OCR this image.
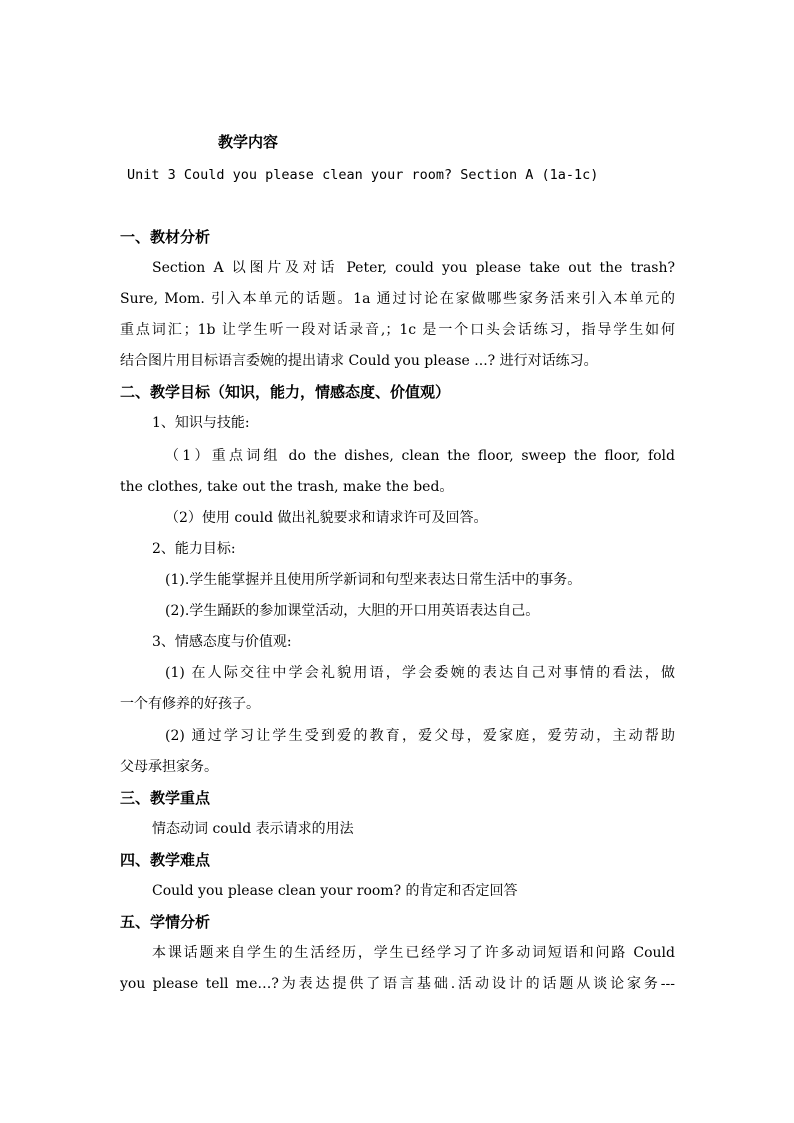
教学内容
Unit 3 Could you please clean your room? Section A (1a-1c)
一、教材分析
Section A 以图片及对话 Peter, could you please take out the trash?
Sure, Mom. 引入本单元的话题。1a 通过讨论在家做哪些家务活来引入本单元的
重点词汇；1b 让学生听一段对话录音,；1c 是一个口头会话练习，指导学生如何
结合图片用目标语言委婉的提出请求 Could you please ...? 进行对话练习。
二、教学目标（知识，能力，情感态度、价值观）
1、知识与技能:
（1）重点词组 do the dishes, clean the floor, sweep the floor, fold
the clothes, take out the trash, make the bed。
（2）使用 could 做出礼貌要求和请求许可及回答。
2、能力目标:
(1).学生能掌握并且使用所学新词和句型来表达日常生活中的事务。
(2).学生踊跃的参加课堂活动，大胆的开口用英语表达自己。
3、情感态度与价值观:
(1) 在人际交往中学会礼貌用语，学会委婉的表达自己对事情的看法，做
一个有修养的好孩子。
(2) 通过学习让学生受到爱的教育，爱父母，爱家庭，爱劳动，主动帮助
父母承担家务。
三、教学重点
情态动词 could 表示请求的用法
四、教学难点
Could you please clean your room? 的肯定和否定回答
五、学情分析
本课话题来自学生的生活经历，学生已经学习了许多动词短语和问路 Could
you please tell me…?为表达提供了语言基础.活动设计的话题从谈论家务---
